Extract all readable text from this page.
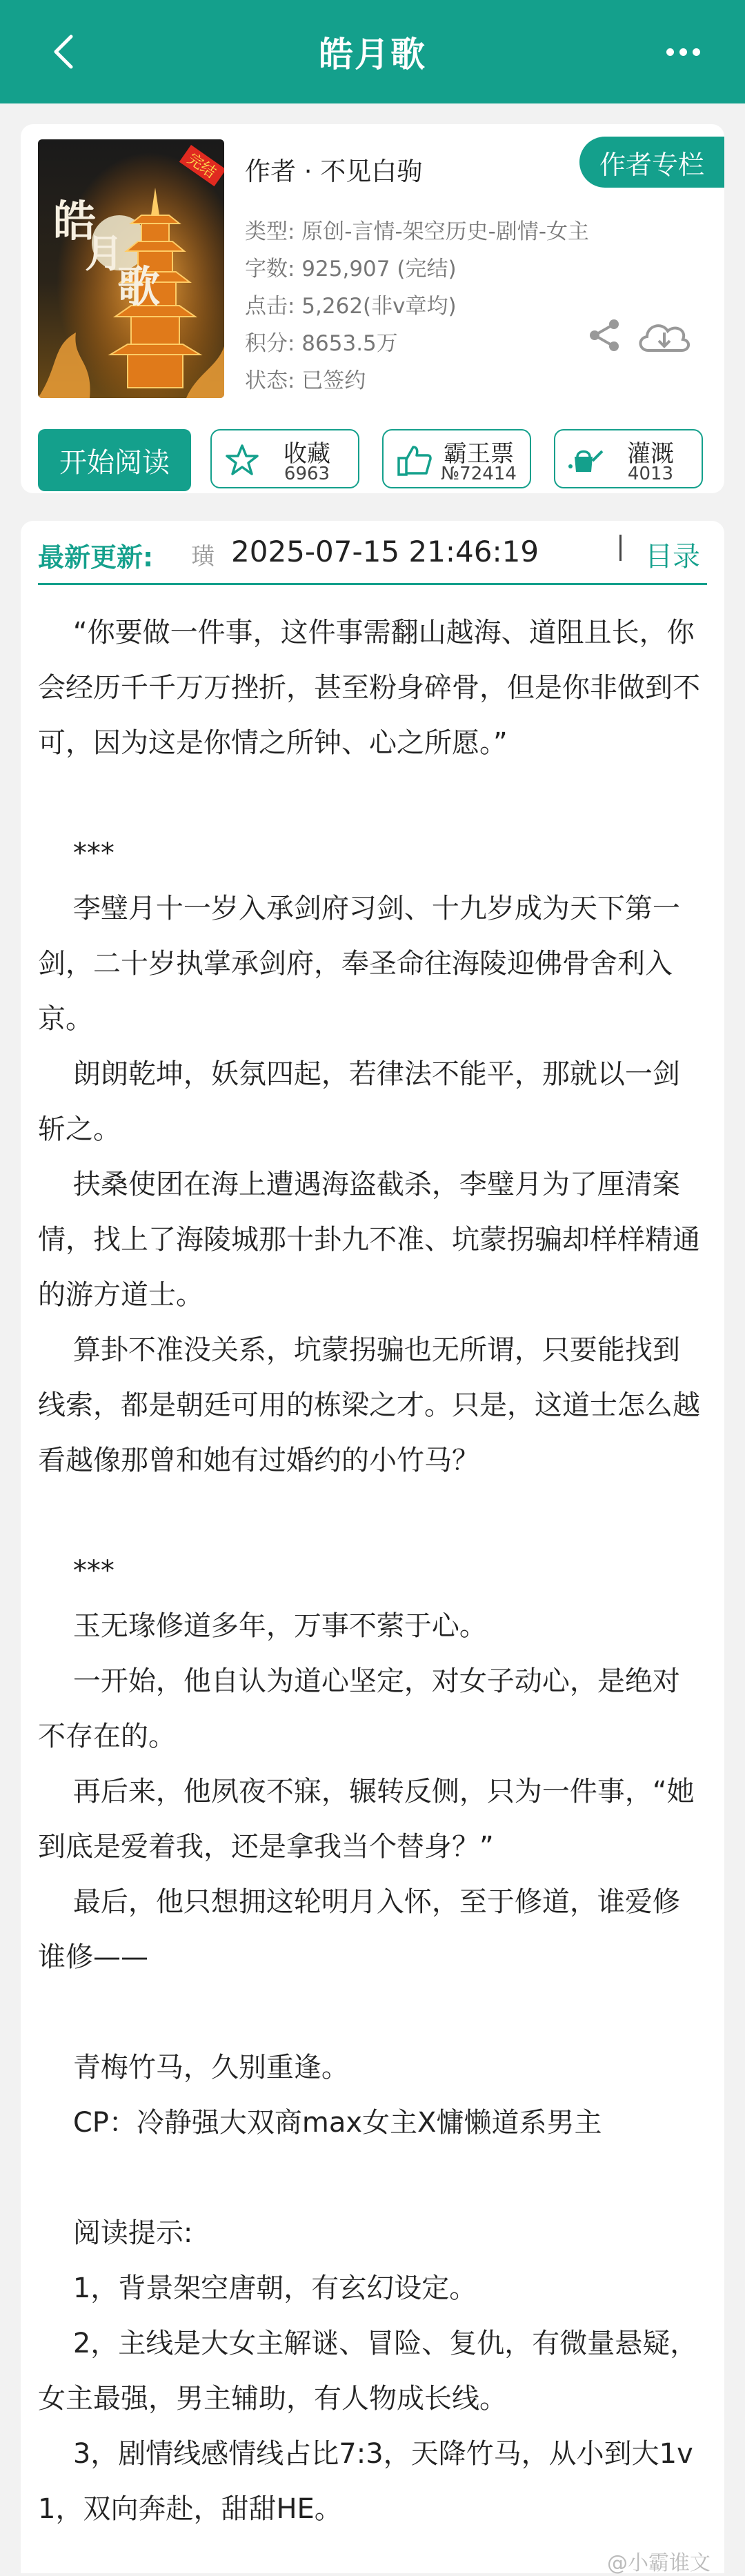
皓月歌
皓
月
歌
完结 作者 · 不见白驹	作者专栏
类型: 原创-言情-架空历史-剧情-女主
字数: 925,907 (完结)
点击: 5,262(非v章均)
积分: 8653.5万
状态: 已签约
开始阅读	收藏
6963
霸王票
№72414
灌溉
4013
最新更新: 璜 2025-07-15 21:46:19	目录
“你要做一件事，这件事需翻山越海、道阻且长，你会经历千千万万挫折，甚至粉身碎骨，但是你非做到不可，因为这是你情之所钟、心之所愿。”
***
李璧月十一岁入承剑府习剑、十九岁成为天下第一剑，二十岁执掌承剑府，奉圣命往海陵迎佛骨舍利入京。
朗朗乾坤，妖氛四起，若律法不能平，那就以一剑斩之。
扶桑使团在海上遭遇海盗截杀，李璧月为了厘清案情，找上了海陵城那十卦九不准、坑蒙拐骗却样样精通的游方道士。
算卦不准没关系，坑蒙拐骗也无所谓，只要能找到线索，都是朝廷可用的栋梁之才。只是，这道士怎么越看越像那曾和她有过婚约的小竹马？
***
玉无瑑修道多年，万事不萦于心。
一开始，他自认为道心坚定，对女子动心，是绝对不存在的。
再后来，他夙夜不寐，辗转反侧，只为一件事，“她到底是爱着我，还是拿我当个替身？”
最后，他只想拥这轮明月入怀，至于修道，谁爱修谁修——
青梅竹马，久别重逢。
CP：冷静强大双商max女主X慵懒道系男主
阅读提示:
1，背景架空唐朝，有玄幻设定。
2，主线是大女主解谜、冒险、复仇，有微量悬疑，女主最强，男主辅助，有人物成长线。
3，剧情线感情线占比7:3，天降竹马，从小到大1v1，双向奔赴，甜甜HE。
@小霸谁文
